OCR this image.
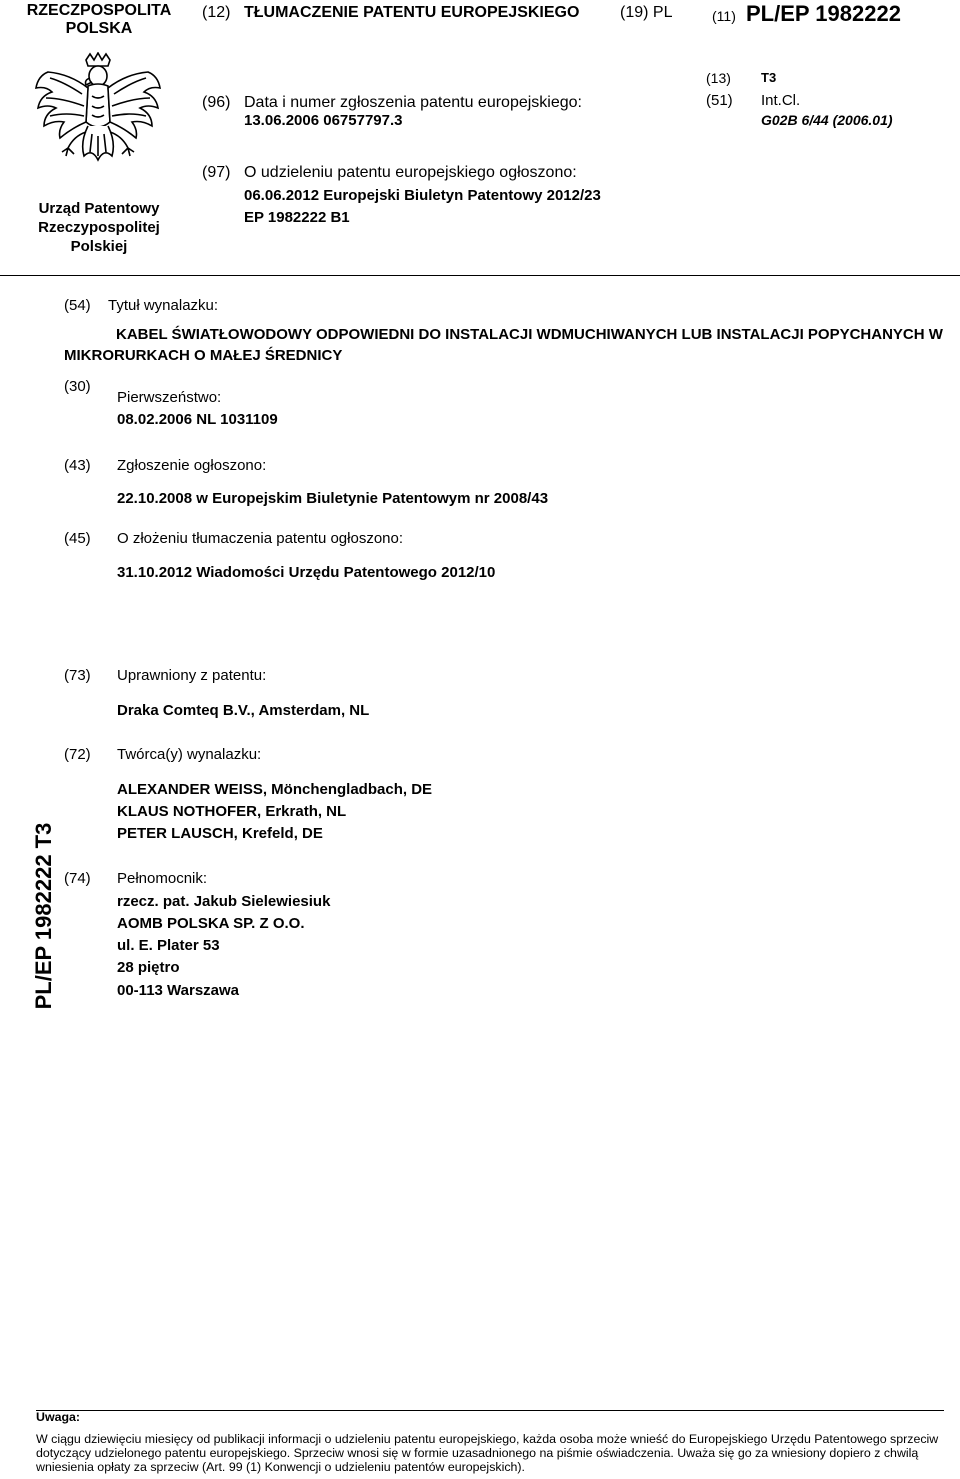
RZECZPOSPOLITA POLSKA
(12) TŁUMACZENIE PATENTU EUROPEJSKIEGO	(19) PL	(11) PL/EP 1982222
Urząd Patentowy Rzeczypospolitej Polskiej
(96) Data i numer zgłoszenia patentu europejskiego:
13.06.2006 06757797.3
(13) T3
(51) Int.Cl.
G02B 6/44 (2006.01)
(97) O udzieleniu patentu europejskiego ogłoszono:
06.06.2012 Europejski Biuletyn Patentowy 2012/23
EP 1982222 B1
(54) Tytuł wynalazku:
KABEL ŚWIATŁOWODOWY ODPOWIEDNI DO INSTALACJI WDMUCHIWANYCH LUB INSTALACJI POPYCHANYCH W MIKRORURKACH O MAŁEJ ŚREDNICY
(30)
Pierwszeństwo:
08.02.2006 NL 1031109
(43) Zgłoszenie ogłoszono:
22.10.2008 w Europejskim Biuletynie Patentowym nr 2008/43
(45) O złożeniu tłumaczenia patentu ogłoszono:
31.10.2012 Wiadomości Urzędu Patentowego 2012/10
(73) Uprawniony z patentu:
Draka Comteq B.V., Amsterdam, NL
(72) Twórca(y) wynalazku:
ALEXANDER WEISS, Mönchengladbach, DE
KLAUS NOTHOFER, Erkrath, NL
PETER LAUSCH, Krefeld, DE
(74) Pełnomocnik:
rzecz. pat. Jakub Sielewiesiuk
AOMB POLSKA SP. Z O.O.
ul. E. Plater 53
28 piętro
00-113 Warszawa
PL/EP 1982222 T3
Uwaga:
W ciągu dziewięciu miesięcy od publikacji informacji o udzieleniu patentu europejskiego, każda osoba może wnieść do Europejskiego Urzędu Patentowego sprzeciw dotyczący udzielonego patentu europejskiego. Sprzeciw wnosi się w formie uzasadnionego na piśmie oświadczenia. Uważa się go za wniesiony dopiero z chwilą wniesienia opłaty za sprzeciw (Art. 99 (1) Konwencji o udzieleniu patentów europejskich).
